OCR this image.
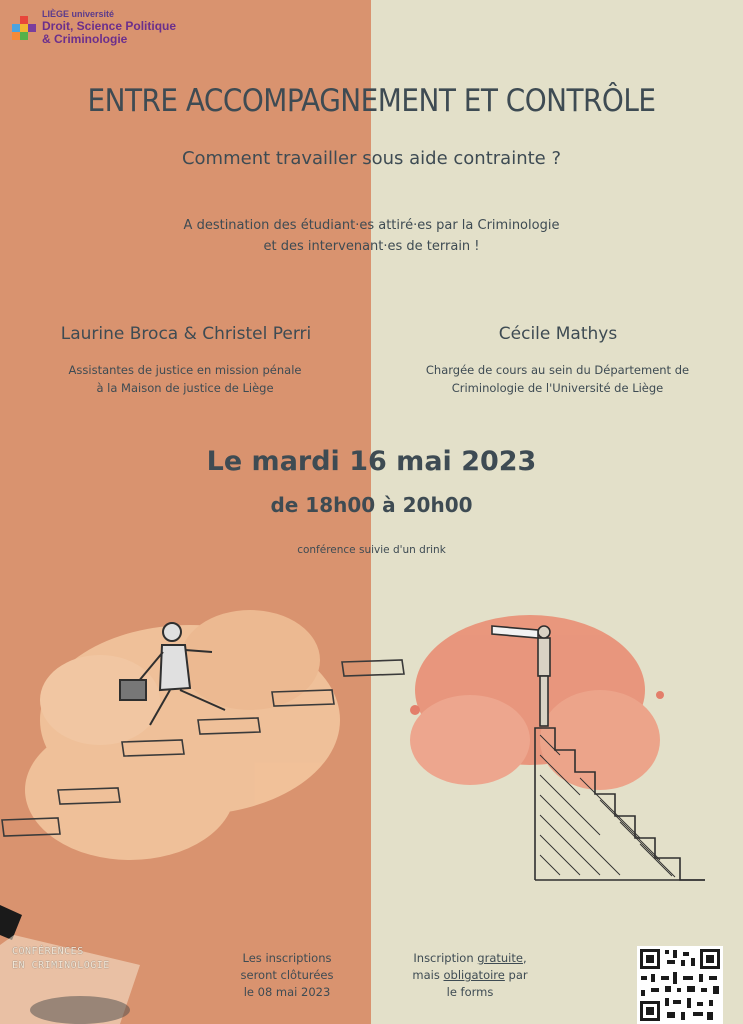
LIÈGE université
Droit, Science Politique
& Criminologie
ENTRE ACCOMPAGNEMENT ET CONTRÔLE
Comment travailler sous aide contrainte ?
A destination des étudiant·es attiré·es par la Criminologie
et des intervenant·es de terrain !
Laurine Broca & Christel Perri
Assistantes de justice en mission pénale
à la Maison de justice de Liège
Cécile Mathys
Chargée de cours au sein du Département de
Criminologie de l'Université de Liège
Le mardi 16 mai 2023
de 18h00 à 20h00
conférence suivie d'un drink
Les inscriptions
seront clôturées
le 08 mai 2023
Inscription gratuite,
mais obligatoire par
le forms
CONFÉRENCES
EN CRIMINOLOGIE
